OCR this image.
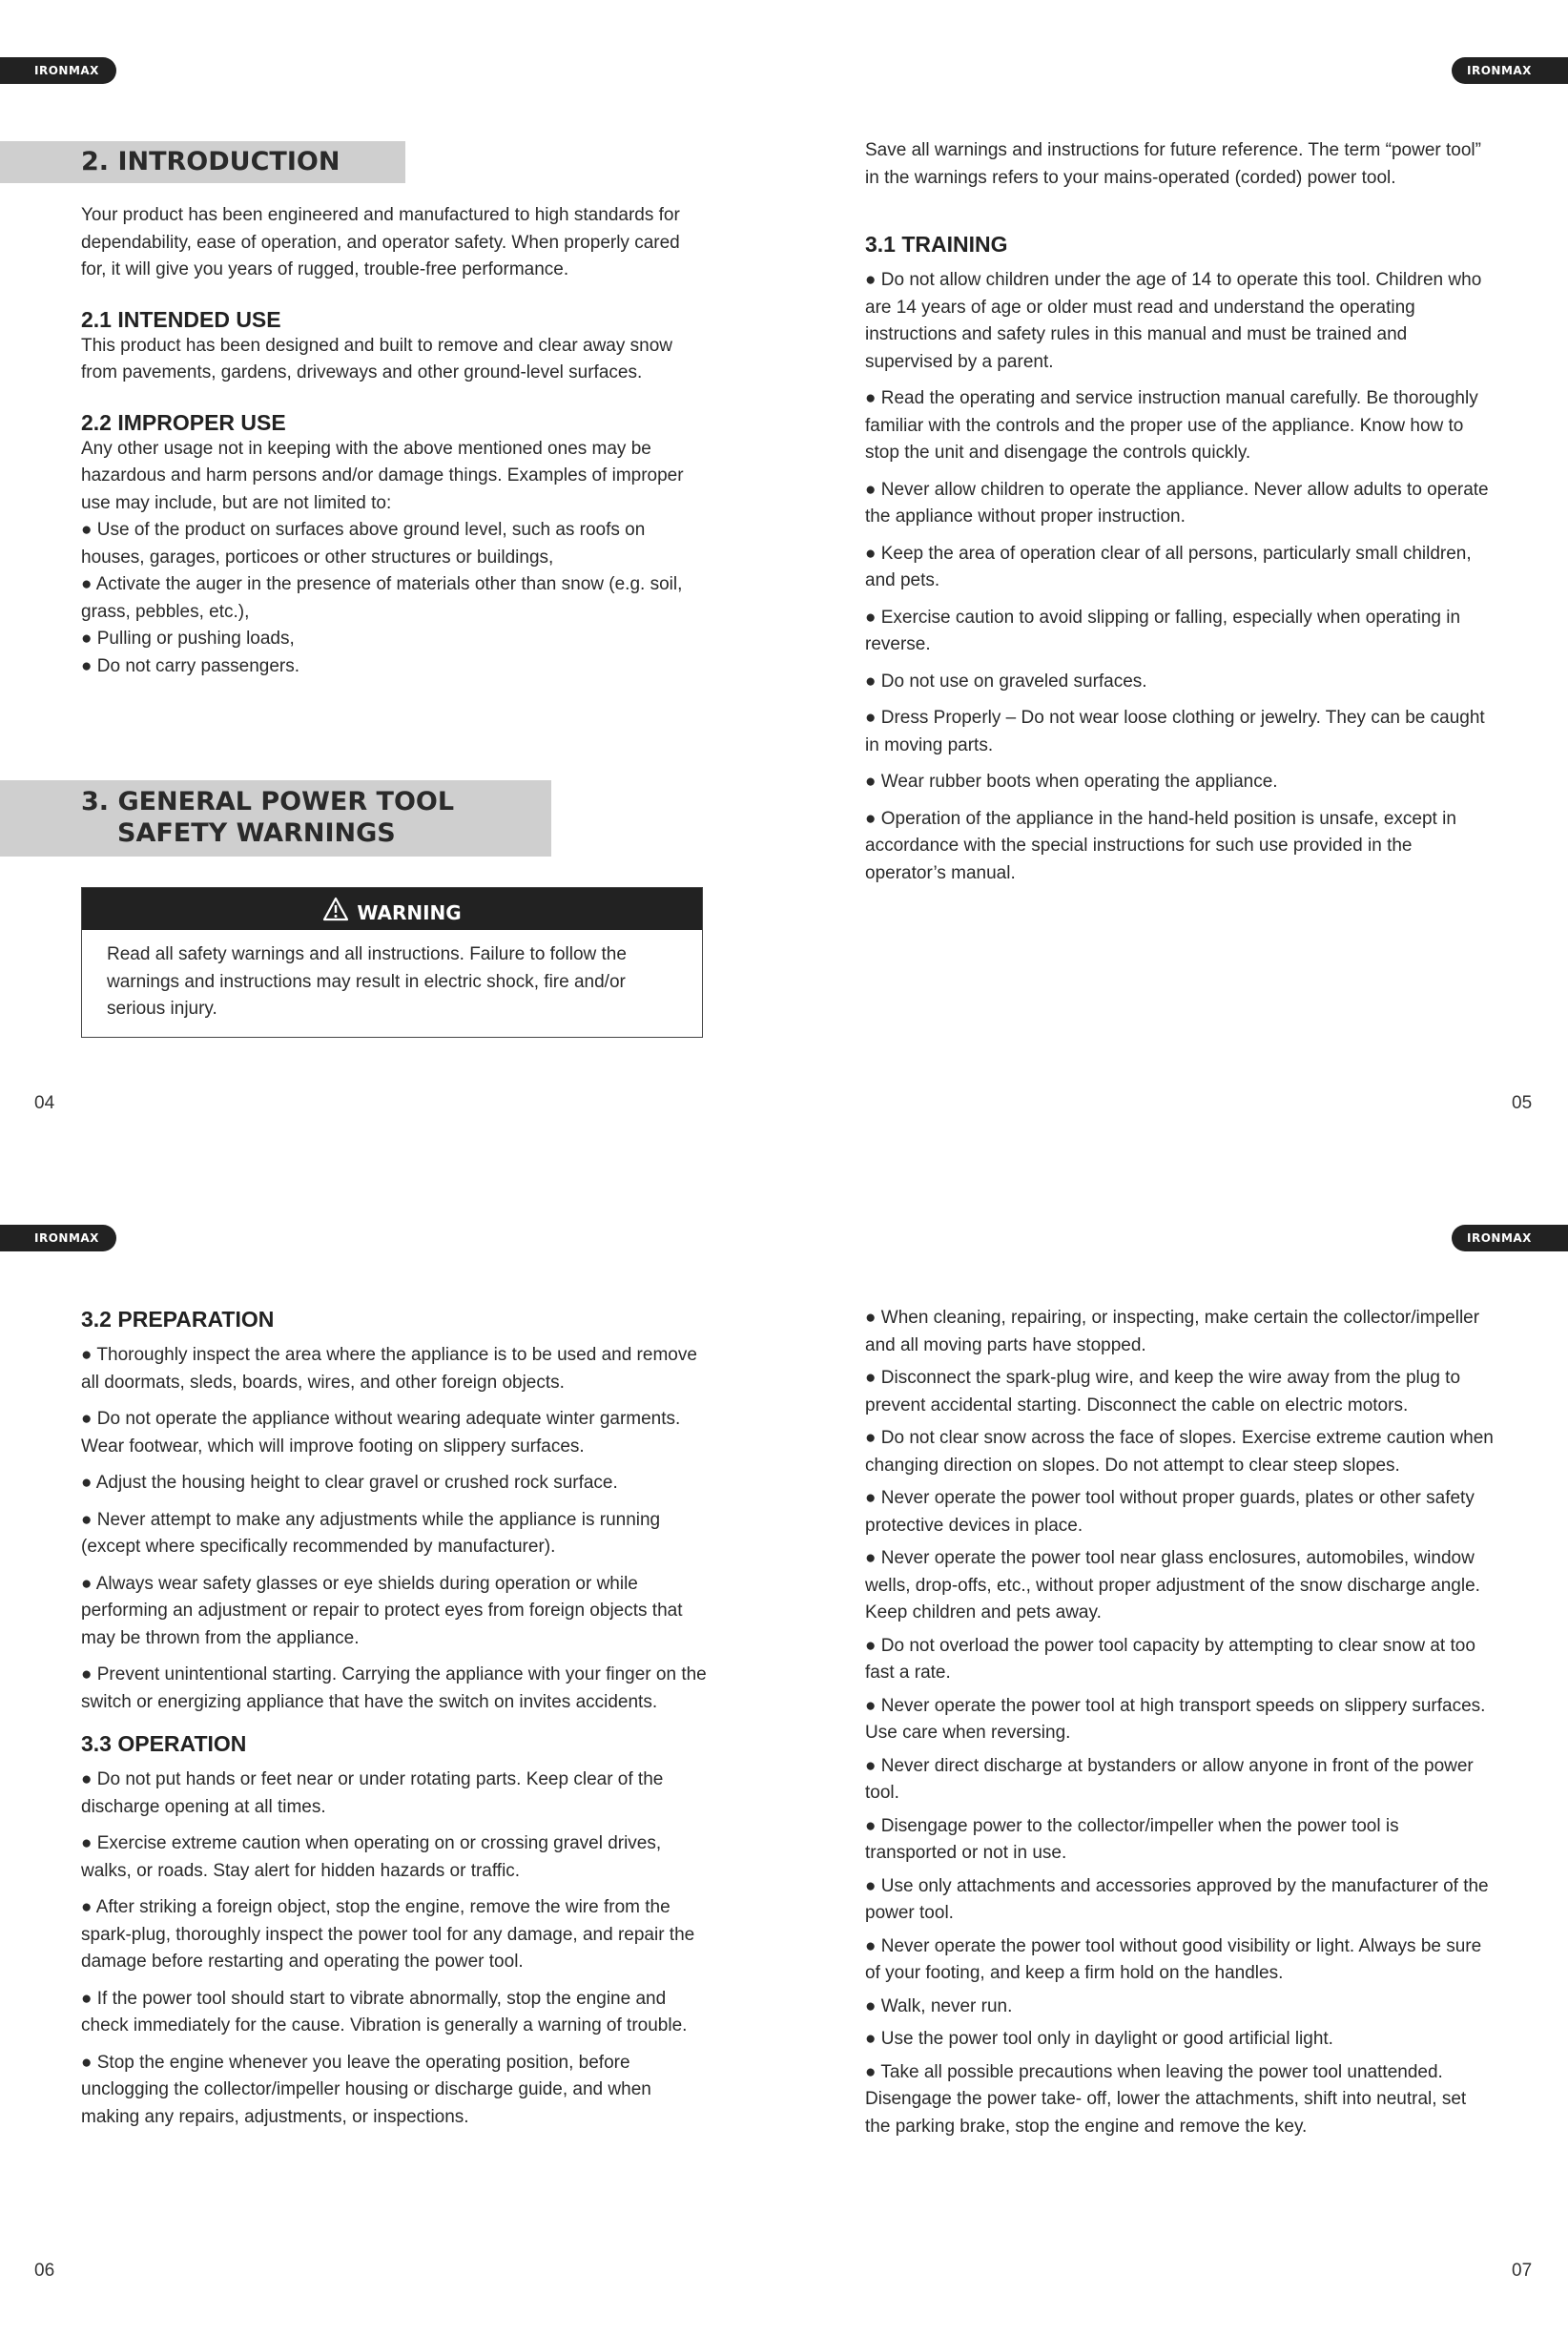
IRONMAX	IRONMAX
2. INTRODUCTION

Your product has been engineered and manufactured to high standards for dependability, ease of operation, and operator safety. When properly cared for, it will give you years of rugged, trouble-free performance.

2.1 INTENDED USE

This product has been designed and built to remove and clear away snow from pavements, gardens, driveways and other ground-level surfaces.

2.2 IMPROPER USE

Any other usage not in keeping with the above mentioned ones may be hazardous and harm persons and/or damage things. Examples of improper use may include, but are not limited to:

● Use of the product on surfaces above ground level, such as roofs on houses, garages, porticoes or other structures or buildings,

● Activate the auger in the presence of materials other than snow (e.g. soil, grass, pebbles, etc.),

● Pulling or pushing loads,

● Do not carry passengers.

3. GENERAL POWER TOOL
SAFETY WARNINGS
WARNING

Read all safety warnings and all instructions. Failure to follow the warnings and instructions may result in electric shock, fire and/or serious injury.

04

Save all warnings and instructions for future reference. The term “power tool” in the warnings refers to your mains-operated (corded) power tool.

3.1 TRAINING

● Do not allow children under the age of 14 to operate this tool. Children who are 14 years of age or older must read and understand the operating instructions and safety rules in this manual and must be trained and supervised by a parent.

● Read the operating and service instruction manual carefully. Be thoroughly familiar with the controls and the proper use of the appliance. Know how to stop the unit and disengage the controls quickly.

● Never allow children to operate the appliance. Never allow adults to operate the appliance without proper instruction.

● Keep the area of operation clear of all persons, particularly small children, and pets.

● Exercise caution to avoid slipping or falling, especially when operating in reverse.

● Do not use on graveled surfaces.

● Dress Properly – Do not wear loose clothing or jewelry. They can be caught in moving parts.

● Wear rubber boots when operating the appliance.

● Operation of the appliance in the hand-held position is unsafe, except in accordance with the special instructions for such use provided in the operator’s manual.

05
IRONMAX	IRONMAX

3.2 PREPARATION

● Thoroughly inspect the area where the appliance is to be used and remove all doormats, sleds, boards, wires, and other foreign objects.

● Do not operate the appliance without wearing adequate winter garments. Wear footwear, which will improve footing on slippery surfaces.

● Adjust the housing height to clear gravel or crushed rock surface.

● Never attempt to make any adjustments while the appliance is running (except where specifically recommended by manufacturer).

● Always wear safety glasses or eye shields during operation or while performing an adjustment or repair to protect eyes from foreign objects that may be thrown from the appliance.

● Prevent unintentional starting. Carrying the appliance with your finger on the switch or energizing appliance that have the switch on invites accidents.

3.3 OPERATION

● Do not put hands or feet near or under rotating parts. Keep clear of the discharge opening at all times.

● Exercise extreme caution when operating on or crossing gravel drives, walks, or roads. Stay alert for hidden hazards or traffic.

● After striking a foreign object, stop the engine, remove the wire from the spark-plug, thoroughly inspect the power tool for any damage, and repair the damage before restarting and operating the power tool.

● If the power tool should start to vibrate abnormally, stop the engine and check immediately for the cause. Vibration is generally a warning of trouble.

● Stop the engine whenever you leave the operating position, before unclogging the collector/impeller housing or discharge guide, and when making any repairs, adjustments, or inspections.

06

● When cleaning, repairing, or inspecting, make certain the collector/impeller and all moving parts have stopped.

● Disconnect the spark-plug wire, and keep the wire away from the plug to prevent accidental starting. Disconnect the cable on electric motors.

● Do not clear snow across the face of slopes. Exercise extreme caution when changing direction on slopes. Do not attempt to clear steep slopes.

● Never operate the power tool without proper guards, plates or other safety protective devices in place.

● Never operate the power tool near glass enclosures, automobiles, window wells, drop-offs, etc., without proper adjustment of the snow discharge angle. Keep children and pets away.

● Do not overload the power tool capacity by attempting to clear snow at too fast a rate.

● Never operate the power tool at high transport speeds on slippery surfaces. Use care when reversing.

● Never direct discharge at bystanders or allow anyone in front of the power tool.

● Disengage power to the collector/impeller when the power tool is transported or not in use.

● Use only attachments and accessories approved by the manufacturer of the power tool.

● Never operate the power tool without good visibility or light. Always be sure of your footing, and keep a firm hold on the handles.

● Walk, never run.

● Use the power tool only in daylight or good artificial light.

● Take all possible precautions when leaving the power tool unattended. Disengage the power take- off, lower the attachments, shift into neutral, set the parking brake, stop the engine and remove the key.

07
